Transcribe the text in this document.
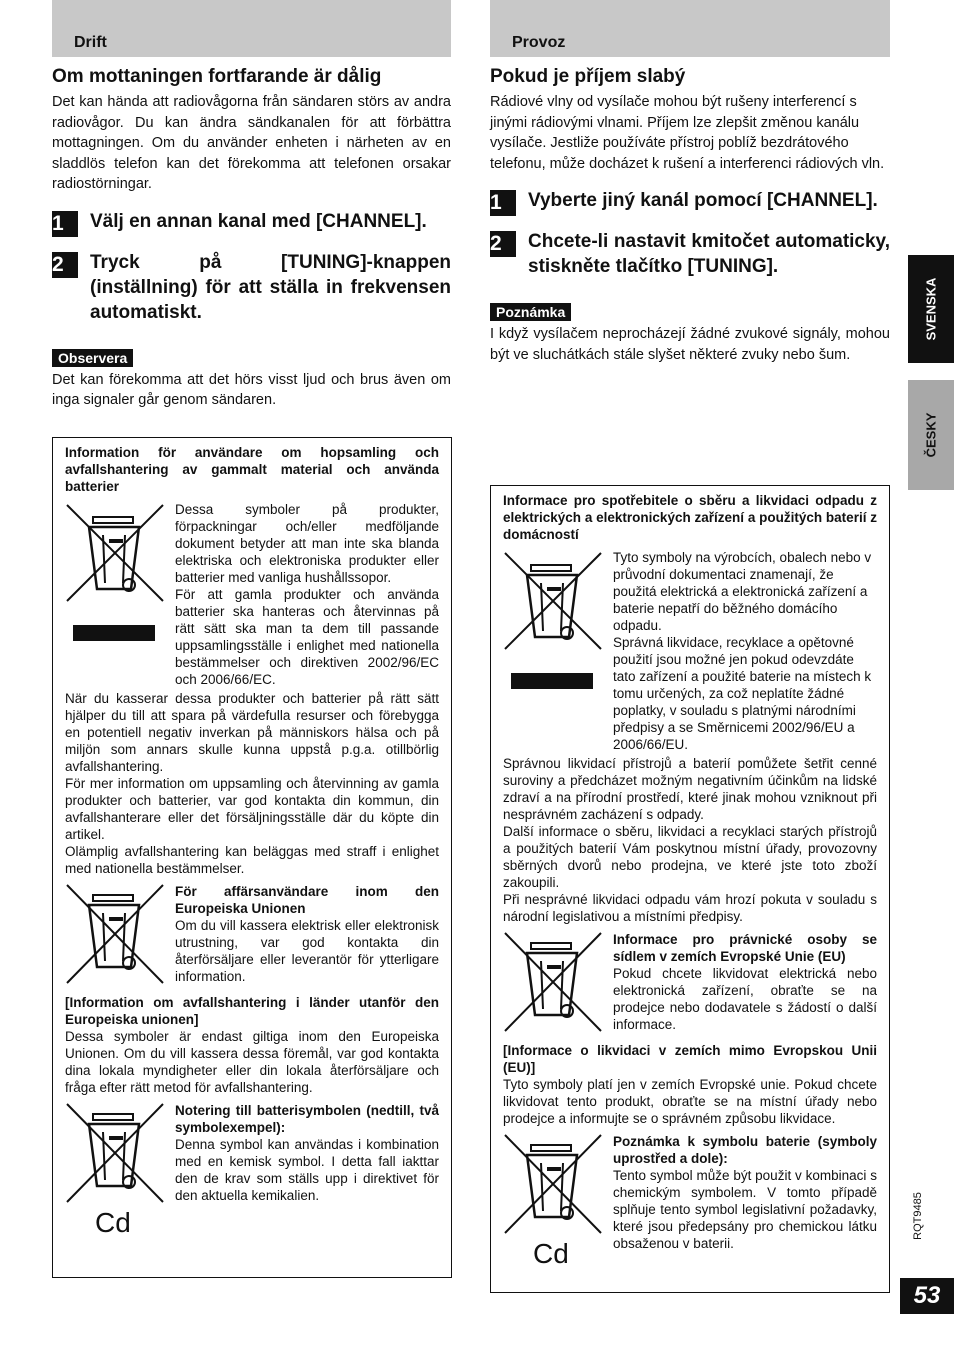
Drift	Provoz
Om mottaningen fortfarande är dålig

Det kan hända att radiovågorna från sändaren störs av andra radiovågor. Du kan ändra sändkanalen för att förbättra mottagningen. Om du använder enheten i närheten av en sladdlös telefon kan det förekomma att telefonen orsakar radiostörningar.

1	Välj en annan kanal med [CHANNEL].
2	Tryck på [TUNING]-knappen (inställning) för att ställa in frekvensen automatiskt.
Observera

Det kan förekomma att det hörs visst ljud och brus även om inga signaler går genom sändaren.

Information för användare om hopsamling och avfallshantering av gammalt material och använda batterier

Dessa symboler på produkter, förpackningar och/eller medföljande dokument betyder att man inte ska blanda elektriska och elektroniska produkter eller batterier med vanliga hushållssopor.

För att gamla produkter och använda batterier ska hanteras och återvinnas på rätt sätt ska man ta dem till passande uppsamlingsställe i enlighet med nationella bestämmelser och direktiven 2002/96/EC och 2006/66/EC.

När du kasserar dessa produkter och batterier på rätt sätt hjälper du till att spara på värdefulla resurser och förebygga en potentiell negativ inverkan på människors hälsa och på miljön som annars skulle kunna uppstå p.g.a. otillbörlig avfallshantering.

För mer information om uppsamling och återvinning av gamla produkter och batterier, var god kontakta din kommun, din avfallshanterare eller det försäljningsställe där du köpte din artikel.

Olämplig avfallshantering kan beläggas med straff i enlighet med nationella bestämmelser.

För affärsanvändare inom den Europeiska Unionen

Om du vill kassera elektrisk eller elektronisk utrustning, var god kontakta din återförsäljare eller leverantör för ytterligare information.

[Information om avfallshantering i länder utanför den Europeiska unionen]

Dessa symboler är endast giltiga inom den Europeiska Unionen. Om du vill kassera dessa föremål, var god kontakta dina lokala myndigheter eller din lokala återförsäljare och fråga efter rätt metod för avfallshantering.

Cd

Notering till batterisymbolen (nedtill, två symbolexempel):

Denna symbol kan användas i kombination med en kemisk symbol. I detta fall iakttar den de krav som ställs upp i direktivet för den aktuella kemikalien.

Pokud je příjem slabý

Rádiové vlny od vysílače mohou být rušeny interferencí s jinými rádiovými vlnami. Příjem lze zlepšit změnou kanálu vysílače. Jestliže používáte přístroj poblíž bezdrátového telefonu, může docházet k rušení a interferenci rádiových vln.

1	Vyberte jiný kanál pomocí [CHANNEL].
2	Chcete-li nastavit kmitočet automaticky, stiskněte tlačítko [TUNING].
Poznámka

I když vysílačem neprocházejí žádné zvukové signály, mohou být ve sluchátkách stále slyšet některé zvuky nebo šum.

Informace pro spotřebitele o sběru a likvidaci odpadu z elektrických a elektronických zařízení a použitých baterií z domácností

Tyto symboly na výrobcích, obalech nebo v průvodní dokumentaci znamenají, že použitá elektrická a elektronická zařízení a baterie nepatří do běžného domácího odpadu.

Správná likvidace, recyklace a opětovné použití jsou možné jen pokud odevzdáte tato zařízení a použité baterie na místech k tomu určených, za což neplatíte žádné poplatky, v souladu s platnými národními předpisy a se Směrnicemi 2002/96/EU a 2006/66/EU.

Správnou likvidací přístrojů a baterií pomůžete šetřit cenné suroviny a předcházet možným negativním účinkům na lidské zdraví a na přírodní prostředí, které jinak mohou vzniknout při nesprávném zacházení s odpady.

Další informace o sběru, likvidaci a recyklaci starých přístrojů a použitých baterií Vám poskytnou místní úřady, provozovny sběrných dvorů nebo prodejna, ve které jste toto zboží zakoupili.

Při nesprávné likvidaci odpadu vám hrozí pokuta v souladu s národní legislativou a místními předpisy.

Informace pro právnické osoby se sídlem v zemích Evropské Unie (EU)

Pokud chcete likvidovat elektrická nebo elektronická zařízení, obraťte se na prodejce nebo dodavatele s žádostí o další informace.

[Informace o likvidaci v zemích mimo Evropskou Unii (EU)]

Tyto symboly platí jen v zemích Evropské unie. Pokud chcete likvidovat tento produkt, obraťte se na místní úřady nebo prodejce a informujte se o správném způsobu likvidace.

Cd

Poznámka k symbolu baterie (symboly uprostřed a dole):

Tento symbol může být použit v kombinaci s chemickým symbolem. V tomto případě splňuje tento symbol legislativní požadavky, které jsou předepsány pro chemickou látku obsaženou v baterii.

SVENSKA
ČESKY
RQT9485
53
